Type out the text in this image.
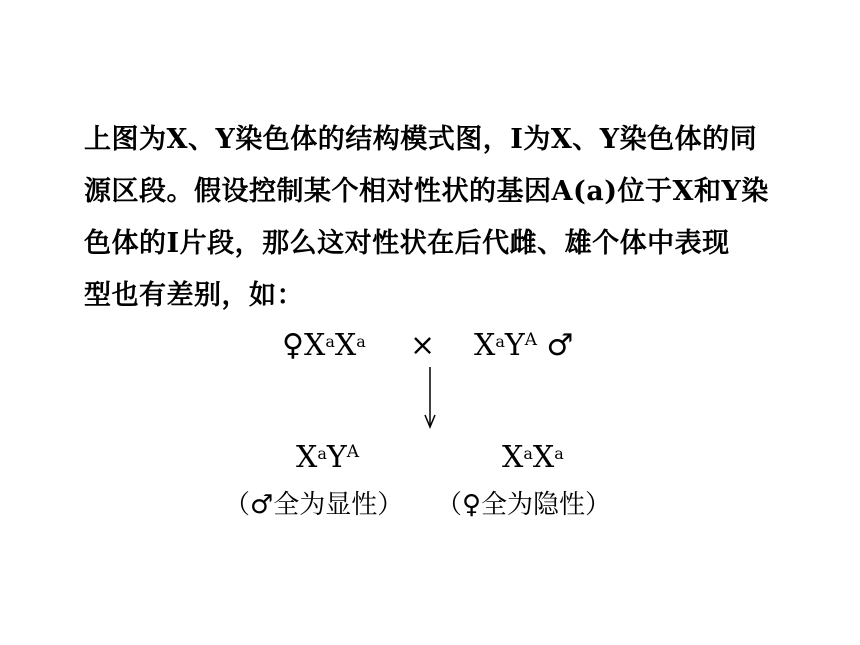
上图为X、Y染色体的结构模式图，Ⅰ为X、Y染色体的同
源区段。假设控制某个相对性状的基因A(a)位于X和Y染
色体的Ⅰ片段，那么这对性状在后代雌、雄个体中表现
型也有差别，如：
$♀X^aX^a \times X^aY^A$ ♂
$X^aY^A$	$X^aX^a$
（♂全为显性） （♀全为隐性）
